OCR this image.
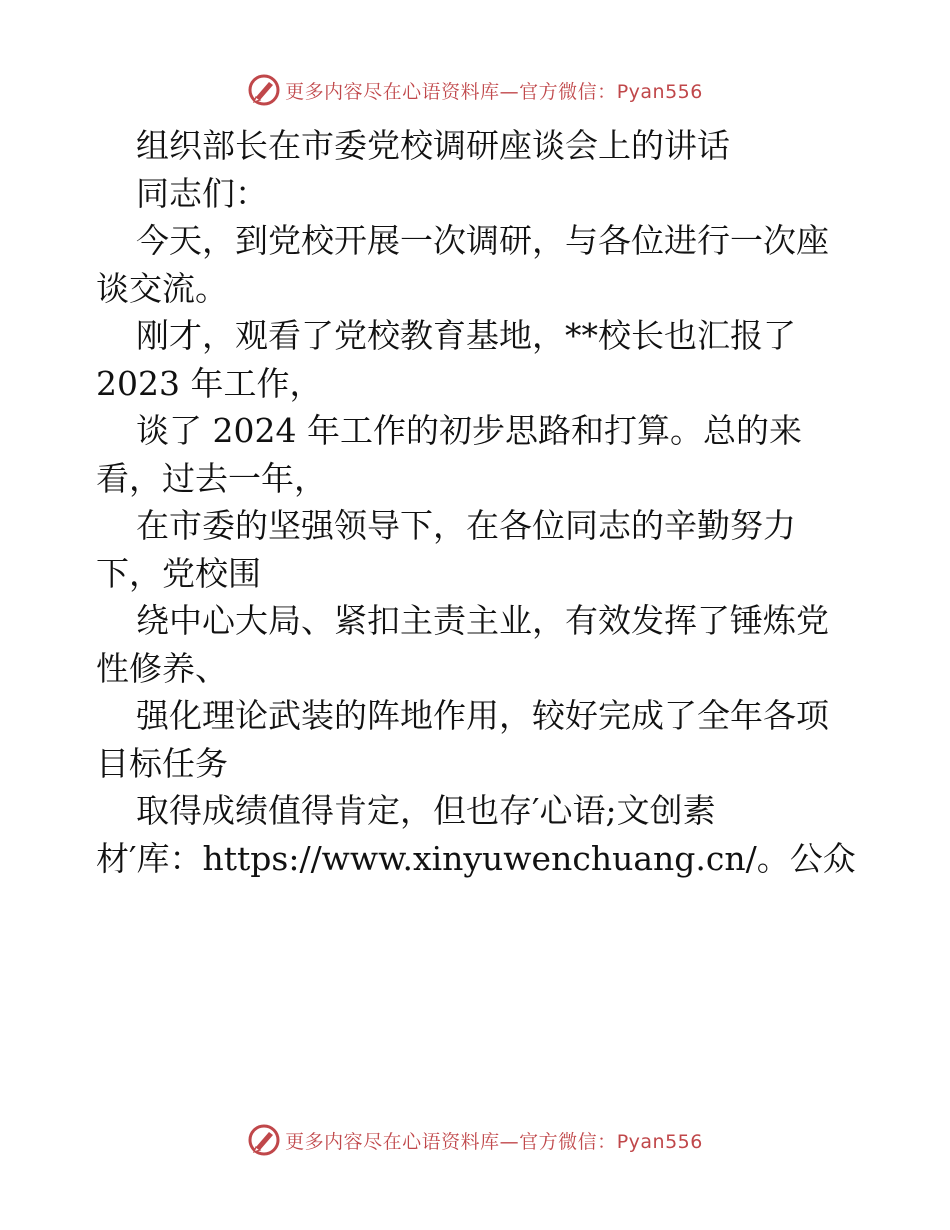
更多内容尽在心语资料库—官方微信：Pyan556
组织部长在市委党校调研座谈会上的讲话
同志们：
今天，到党校开展一次调研，与各位进行一次座
谈交流。
刚才，观看了党校教育基地，**校长也汇报了
2023 年工作，
谈了 2024 年工作的初步思路和打算。总的来
看，过去一年，
在市委的坚强领导下，在各位同志的辛勤努力
下，党校围
绕中心大局、紧扣主责主业，有效发挥了锤炼党
性修养、
强化理论武装的阵地作用，较好完成了全年各项
目标任务
取得成绩值得肯定，但也存′心语;文创素
材′库：https://www.xinyuwenchuang.cn/。公众
更多内容尽在心语资料库—官方微信：Pyan556
